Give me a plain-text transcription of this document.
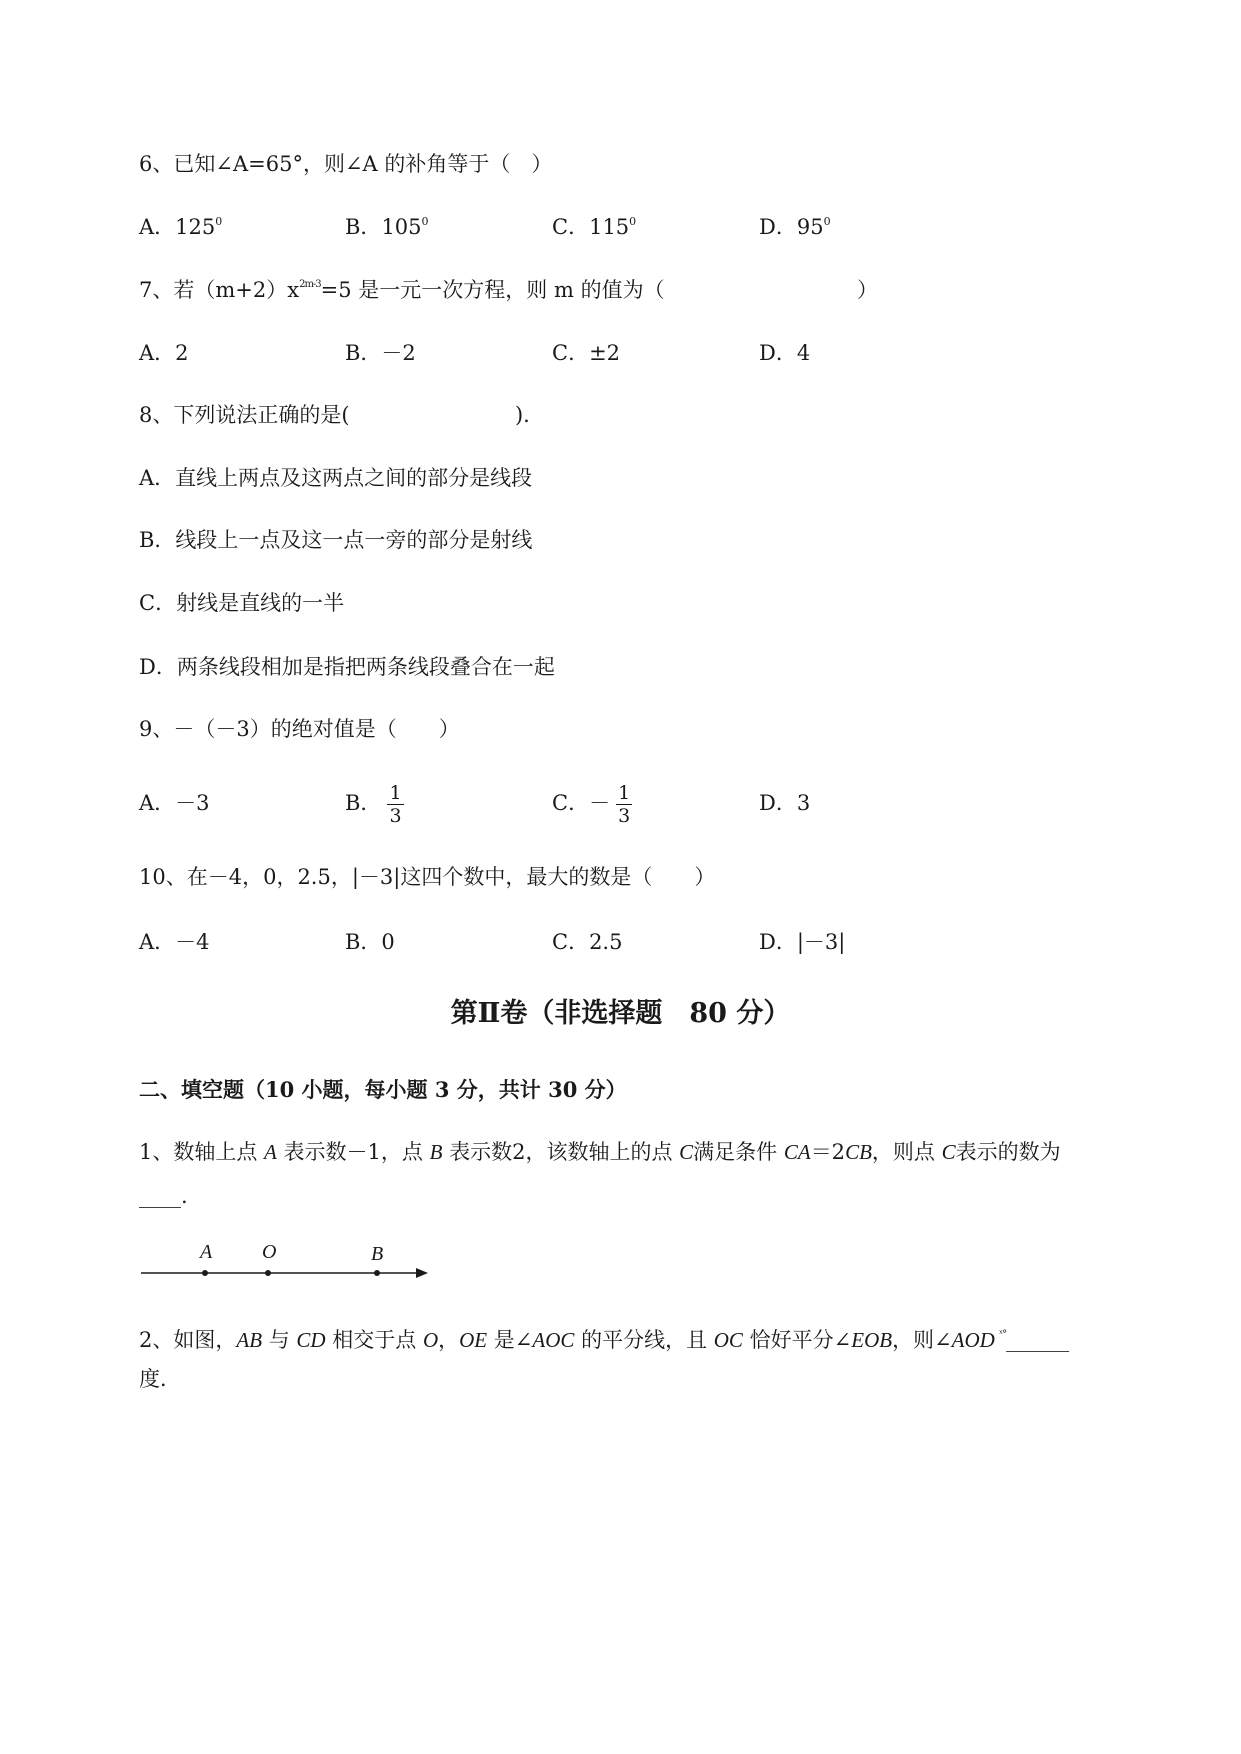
6、已知∠A=65°，则∠A 的补角等于（　）
A．$125^0$	B．$105^0$	C．$115^0$	D．$95^0$
7、若$(m+2)x^{2m-3}=5$ 是一元一次方程，则 m 的值为（	）
A．2	B．－2	C．±2	D．4
8、下列说法正确的是(	)．
A．直线上两点及这两点之间的部分是线段
B．线段上一点及这一点一旁的部分是射线
C．射线是直线的一半
D．两条线段相加是指把两条线段叠合在一起
9、－（－3）的绝对值是（　　）
A．－3	B． $\frac{1}{3}$	C．－ $\frac{1}{3}$	D．3
10、在－4，0，2.5，|－3|这四个数中，最大的数是（　　）
A．－4	B．0	C．2.5	D．|－3|
第Ⅱ卷（非选择题　80 分）
二、填空题（10 小题，每小题 3 分，共计 30 分）
1、数轴上点 A 表示数－1，点 B 表示数2，该数轴上的点 C满足条件 CA＝2CB，则点 C表示的数为
____.
A O	B
2、如图，AB 与 CD 相交于点 O，OE 是∠AOC 的平分线，且 OC 恰好平分∠EOB，则∠AOD $^{ˣ^\circ}$______
度．
